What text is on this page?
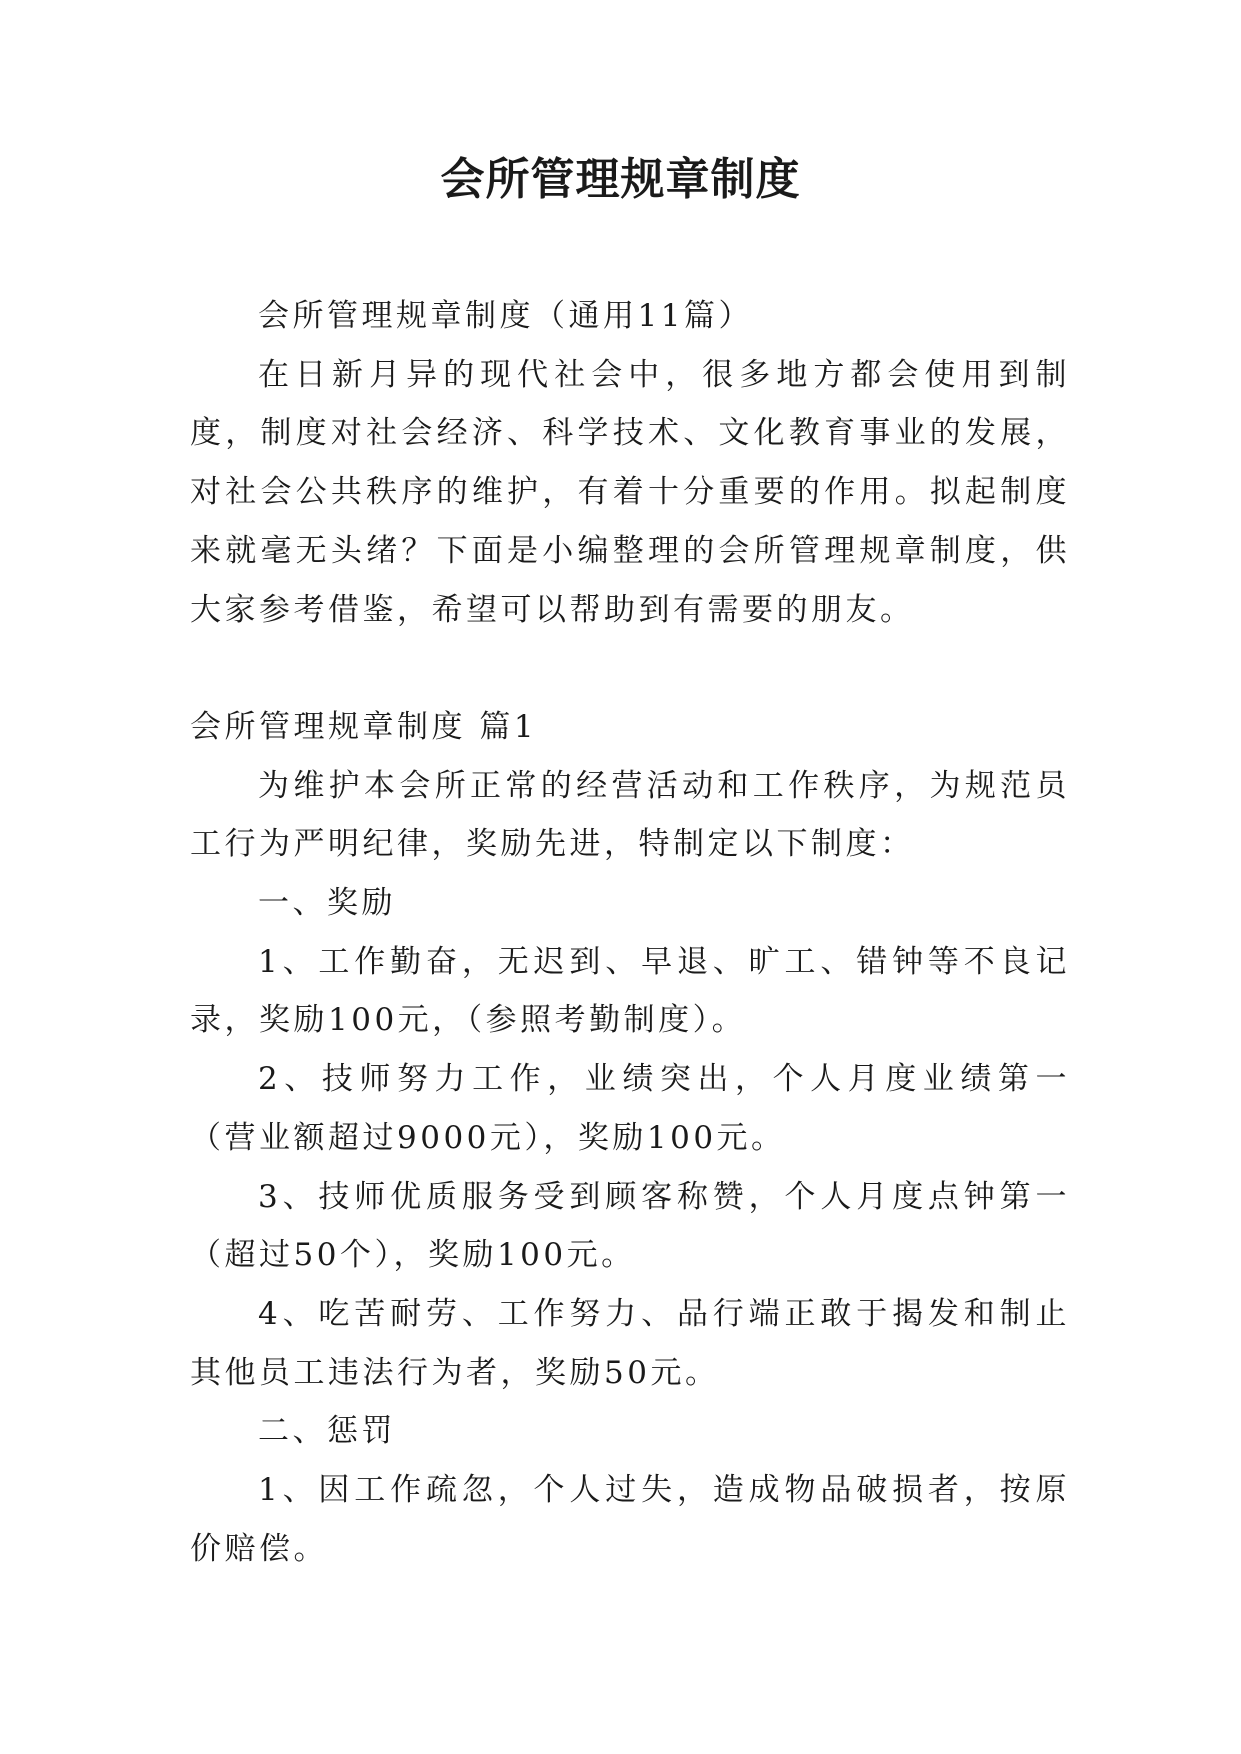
会所管理规章制度

会所管理规章制度（通用11篇）

在日新月异的现代社会中，很多地方都会使用到制度，制度对社会经济、科学技术、文化教育事业的发展，对社会公共秩序的维护，有着十分重要的作用。拟起制度来就毫无头绪？下面是小编整理的会所管理规章制度，供大家参考借鉴，希望可以帮助到有需要的朋友。

会所管理规章制度 篇1

为维护本会所正常的经营活动和工作秩序，为规范员工行为严明纪律，奖励先进，特制定以下制度：

一、奖励

1、工作勤奋，无迟到、早退、旷工、错钟等不良记录，奖励100元，（参照考勤制度）。

2、技师努力工作，业绩突出，个人月度业绩第一（营业额超过9000元），奖励100元。

3、技师优质服务受到顾客称赞，个人月度点钟第一（超过50个），奖励100元。

4、吃苦耐劳、工作努力、品行端正敢于揭发和制止其他员工违法行为者，奖励50元。

二、惩罚

1、因工作疏忽，个人过失，造成物品破损者，按原价赔偿。
